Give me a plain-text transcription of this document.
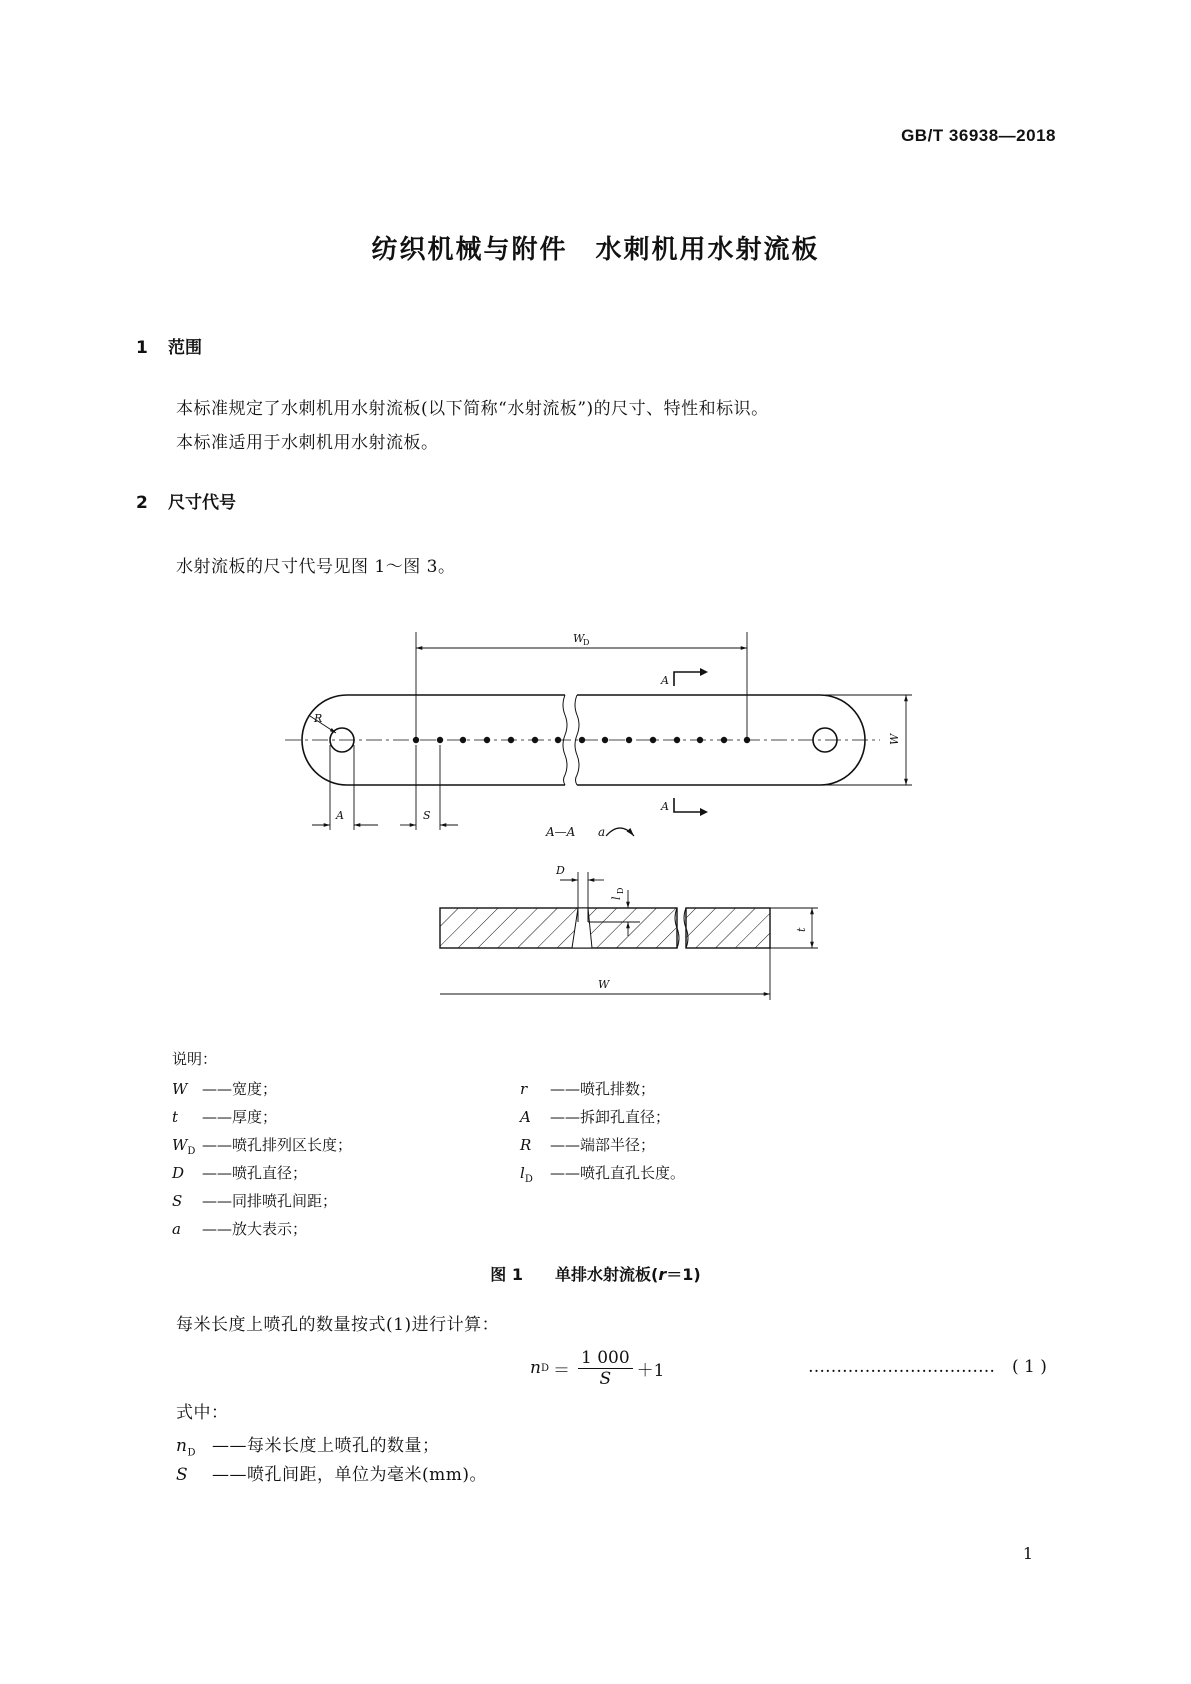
GB/T 36938—2018
纺织机械与附件　水刺机用水射流板
1 范围
本标准规定了水刺机用水射流板(以下简称“水射流板”)的尺寸、特性和标识。
本标准适用于水刺机用水射流板。
2 尺寸代号
水射流板的尺寸代号见图 1～图 3。
W
D
A
A
W
R
A	S
A—A a
D
l
D
t
W
说明：
W ——宽度；
t ——厚度；
$W_D$ ——喷孔排列区长度；
D ——喷孔直径；
S ——同排喷孔间距；
a ——放大表示；
r ——喷孔排数；
A ——拆卸孔直径；
R ——端部半径；
$l_D$ ——喷孔直孔长度。
图 1 单排水射流板(r＝1)
每米长度上喷孔的数量按式(1)进行计算：
n $D = \frac{1 000}{S} +1$	…………………………… ( 1 )
式中：
$n_D$ ——每米长度上喷孔的数量；
S ——喷孔间距，单位为毫米(mm)。
1
